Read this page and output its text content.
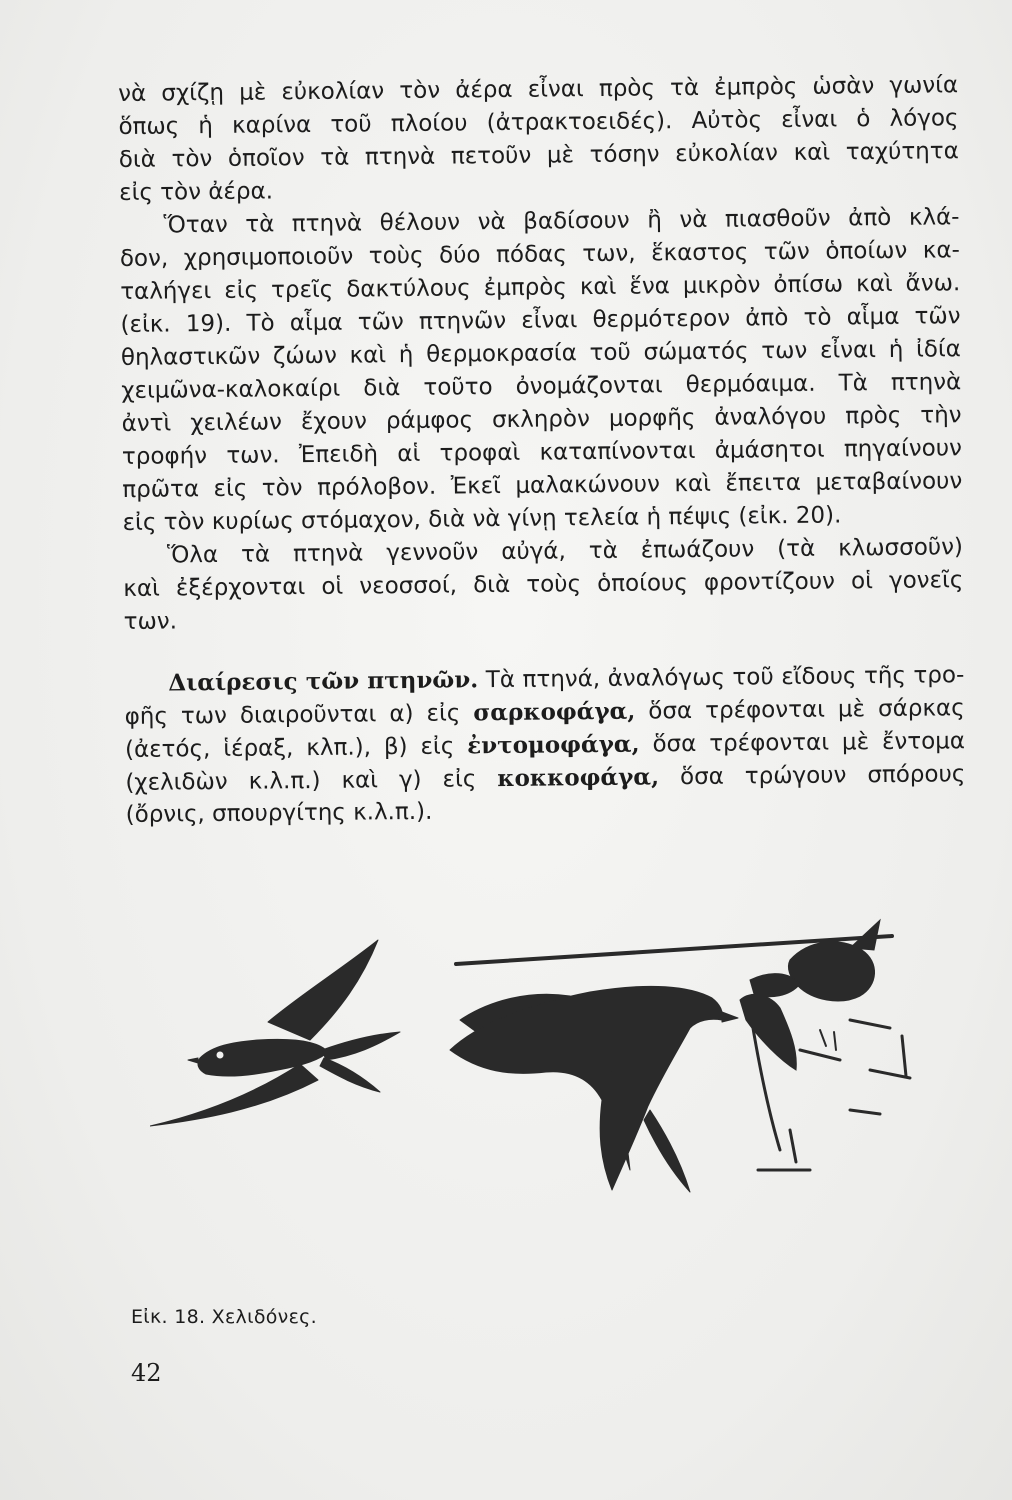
νὰ σχίζῃ μὲ εὐκολίαν τὸν ἀέρα εἶναι πρὸς τὰ ἐμπρὸς ὡσὰν γωνία
ὅπως ἡ καρίνα τοῦ πλοίου (ἀτρακτοειδές). Αὐτὸς εἶναι ὁ λόγος
διὰ τὸν ὁποῖον τὰ πτηνὰ πετοῦν μὲ τόσην εὐκολίαν καὶ ταχύτητα
εἰς τὸν ἀέρα.
Ὅταν τὰ πτηνὰ θέλουν νὰ βαδίσουν ἢ νὰ πιασθοῦν ἀπὸ κλά-
δον, χρησιμοποιοῦν τοὺς δύο πόδας των, ἕκαστος τῶν ὁποίων κα-
ταλήγει εἰς τρεῖς δακτύλους ἐμπρὸς καὶ ἕνα μικρὸν ὀπίσω καὶ ἄνω.
(εἰκ. 19). Τὸ αἷμα τῶν πτηνῶν εἶναι θερμότερον ἀπὸ τὸ αἷμα τῶν
θηλαστικῶν ζώων καὶ ἡ θερμοκρασία τοῦ σώματός των εἶναι ἡ ἰδία
χειμῶνα-καλοκαίρι διὰ τοῦτο ὀνομάζονται θερμόαιμα. Τὰ πτηνὰ
ἀντὶ χειλέων ἔχουν ράμφος σκληρὸν μορφῆς ἀναλόγου πρὸς τὴν
τροφήν των. Ἐπειδὴ αἱ τροφαὶ καταπίνονται ἀμάσητοι πηγαίνουν
πρῶτα εἰς τὸν πρόλοβον. Ἐκεῖ μαλακώνουν καὶ ἔπειτα μεταβαίνουν
εἰς τὸν κυρίως στόμαχον, διὰ νὰ γίνῃ τελεία ἡ πέψις (εἰκ. 20).
Ὅλα τὰ πτηνὰ γεννοῦν αὐγά, τὰ ἐπωάζουν (τὰ κλωσσοῦν)
καὶ ἐξέρχονται οἱ νεοσσοί, διὰ τοὺς ὁποίους φροντίζουν οἱ γονεῖς
των.
Διαίρεσις τῶν πτηνῶν. Τὰ πτηνά, ἀναλόγως τοῦ εἴδους τῆς τρο-
φῆς των διαιροῦνται α) εἰς σαρκοφάγα, ὅσα τρέφονται μὲ σάρκας
(ἀετός, ἱέραξ, κλπ.), β) εἰς ἐντομοφάγα, ὅσα τρέφονται μὲ ἔντομα
(χελιδὼν κ.λ.π.) καὶ γ) εἰς κοκκοφάγα, ὅσα τρώγουν σπόρους
(ὄρνις, σπουργίτης κ.λ.π.).
Εἰκ. 18. Χελιδόνες.
42
